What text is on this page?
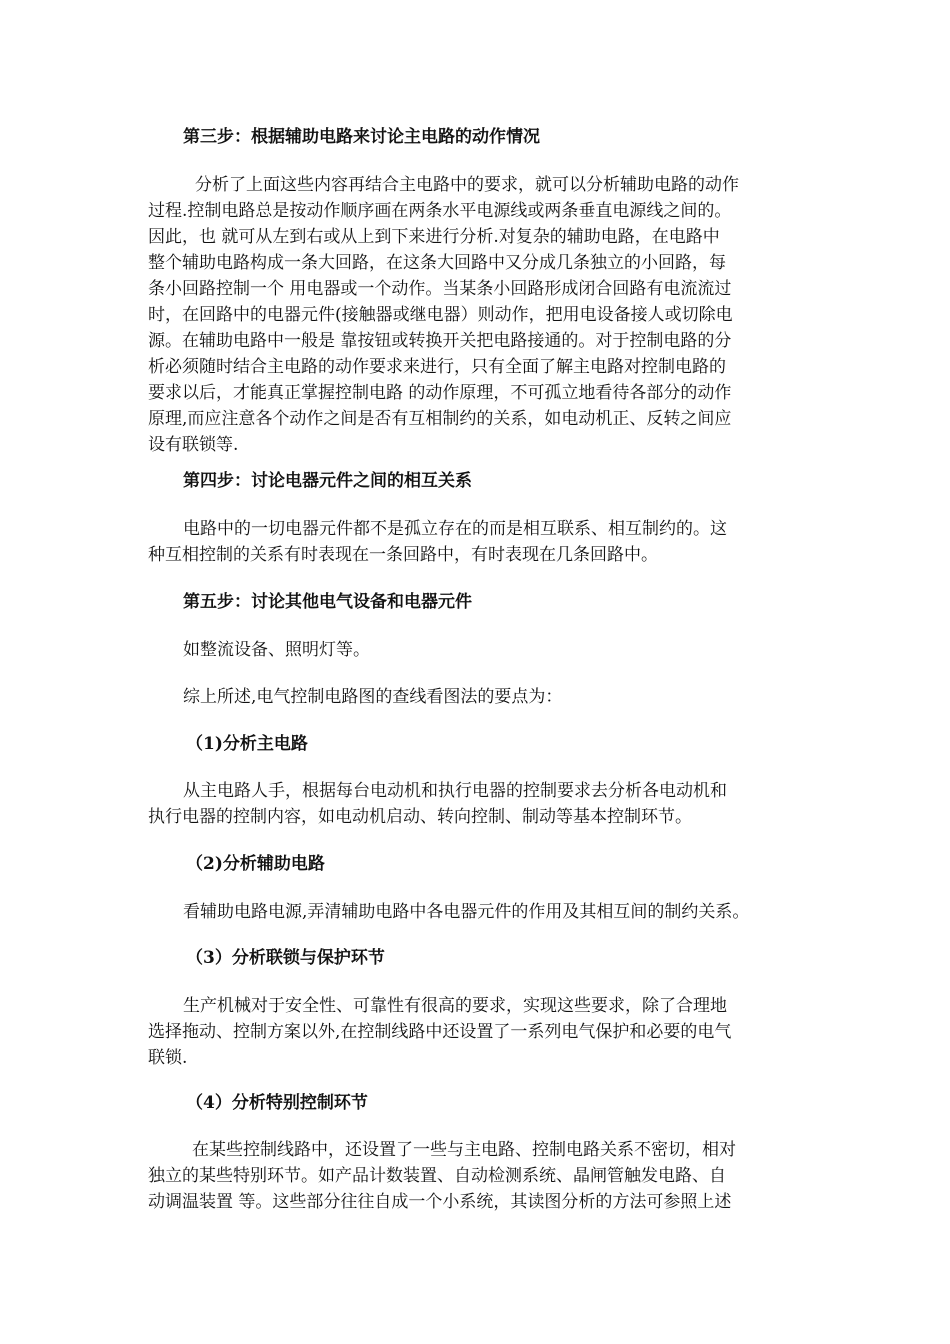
第三步：根据辅助电路来讨论主电路的动作情况
分析了上面这些内容再结合主电路中的要求，就可以分析辅助电路的动作
过程.控制电路总是按动作顺序画在两条水平电源线或两条垂直电源线之间的。
因此，也 就可从左到右或从上到下来进行分析.对复杂的辅助电路，在电路中
整个辅助电路构成一条大回路，在这条大回路中又分成几条独立的小回路，每
条小回路控制一个 用电器或一个动作。当某条小回路形成闭合回路有电流流过
时，在回路中的电器元件(接触器或继电器）则动作，把用电设备接人或切除电
源。在辅助电路中一般是 靠按钮或转换开关把电路接通的。对于控制电路的分
析必须随时结合主电路的动作要求来进行，只有全面了解主电路对控制电路的
要求以后，才能真正掌握控制电路 的动作原理，不可孤立地看待各部分的动作
原理,而应注意各个动作之间是否有互相制约的关系，如电动机正、反转之间应
设有联锁等.
第四步：讨论电器元件之间的相互关系
电路中的一切电器元件都不是孤立存在的而是相互联系、相互制约的。这
种互相控制的关系有时表现在一条回路中，有时表现在几条回路中。
第五步：讨论其他电气设备和电器元件
如整流设备、照明灯等。
综上所述,电气控制电路图的查线看图法的要点为：
（1)分析主电路
从主电路人手，根据每台电动机和执行电器的控制要求去分析各电动机和
执行电器的控制内容，如电动机启动、转向控制、制动等基本控制环节。
（2)分析辅助电路
看辅助电路电源,弄清辅助电路中各电器元件的作用及其相互间的制约关系。
（3）分析联锁与保护环节
生产机械对于安全性、可靠性有很高的要求，实现这些要求，除了合理地
选择拖动、控制方案以外,在控制线路中还设置了一系列电气保护和必要的电气
联锁.
（4）分析特别控制环节
在某些控制线路中，还设置了一些与主电路、控制电路关系不密切，相对
独立的某些特别环节。如产品计数装置、自动检测系统、晶闸管触发电路、自
动调温装置 等。这些部分往往自成一个小系统，其读图分析的方法可参照上述
